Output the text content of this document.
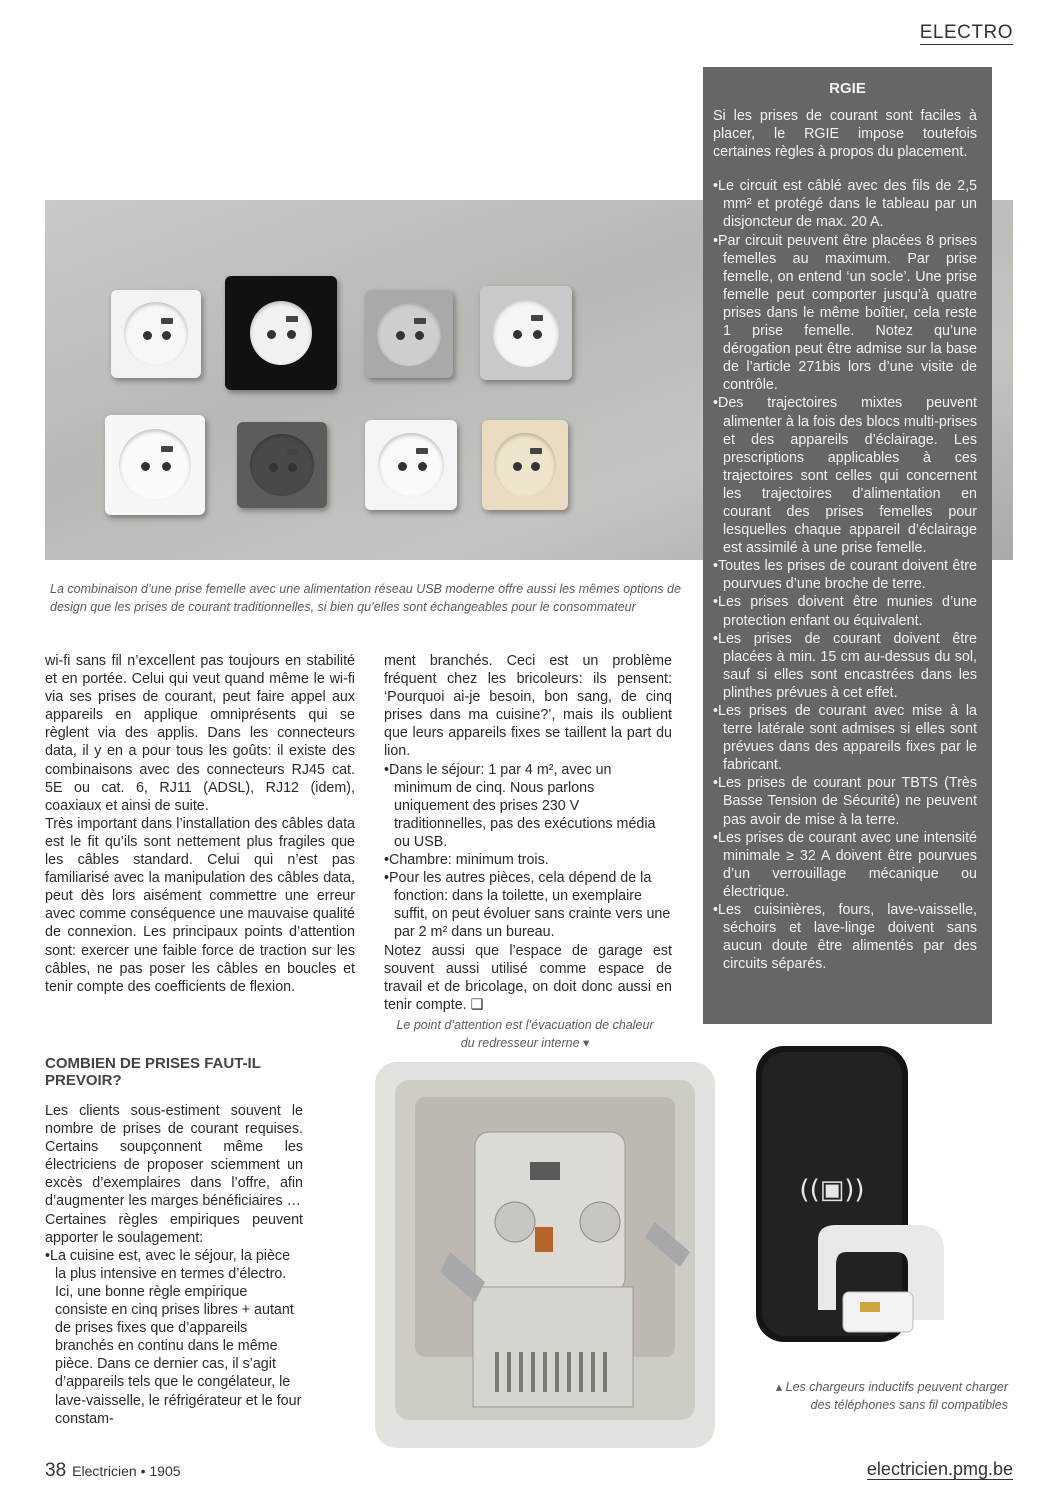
ELECTRO
La combinaison d’une prise femelle avec une alimentation réseau USB moderne offre aussi les mêmes options de design que les prises de courant traditionnelles, si bien qu’elles sont échangeables pour le consommateur

wi-fi sans fil n’excellent pas toujours en stabilité et en portée. Celui qui veut quand même le wi-fi via ses prises de courant, peut faire appel aux appareils en applique omniprésents qui se règlent via des applis. Dans les connecteurs data, il y en a pour tous les goûts: il existe des combinaisons avec des connecteurs RJ45 cat. 5E ou cat. 6, RJ11 (ADSL), RJ12 (idem), coaxiaux et ainsi de suite.

Très important dans l’installation des câbles data est le fit qu’ils sont nettement plus fragiles que les câbles standard. Celui qui n’est pas familiarisé avec la manipulation des câbles data, peut dès lors aisément commettre une erreur avec comme conséquence une mauvaise qualité de connexion. Les principaux points d’attention sont: exercer une faible force de traction sur les câbles, ne pas poser les câbles en boucles et tenir compte des coefficients de flexion.

COMBIEN DE PRISES FAUT-IL PREVOIR?

Les clients sous-estiment souvent le nombre de prises de courant requises. Certains soupçonnent même les électriciens de proposer sciemment un excès d’exemplaires dans l’offre, afin d’augmenter les marges bénéficiaires …

Certaines règles empiriques peuvent apporter le soulagement:

•La cuisine est, avec le séjour, la pièce la plus intensive en termes d’électro. Ici, une bonne règle empirique consiste en cinq prises libres + autant de prises fixes que d’appareils branchés en continu dans le même pièce. Dans ce dernier cas, il s’agit d’appareils tels que le congélateur, le lave-vaisselle, le réfrigérateur et le four constam-

ment branchés. Ceci est un problème fréquent chez les bricoleurs: ils pensent: ‘Pourquoi ai-je besoin, bon sang, de cinq prises dans ma cuisine?’, mais ils oublient que leurs appareils fixes se taillent la part du lion.

•Dans le séjour: 1 par 4 m², avec un minimum de cinq. Nous parlons uniquement des prises 230 V traditionnelles, pas des exécutions média ou USB.

•Chambre: minimum trois.

•Pour les autres pièces, cela dépend de la fonction: dans la toilette, un exemplaire suffit, on peut évoluer sans crainte vers une par 2 m² dans un bureau.

Notez aussi que l’espace de garage est souvent aussi utilisé comme espace de travail et de bricolage, on doit donc aussi en tenir compte. ❑

RGIE

Si les prises de courant sont faciles à placer, le RGIE impose toutefois certaines règles à propos du placement.

•Le circuit est câblé avec des fils de 2,5 mm² et protégé dans le tableau par un disjoncteur de max. 20 A.
•Par circuit peuvent être placées 8 prises femelles au maximum. Par prise femelle, on entend ‘un socle’. Une prise femelle peut comporter jusqu’à quatre prises dans le même boîtier, cela reste 1 prise femelle. Notez qu’une dérogation peut être admise sur la base de l’article 271bis lors d’une visite de contrôle.
•Des trajectoires mixtes peuvent alimenter à la fois des blocs multi-prises et des appareils d’éclairage. Les prescriptions applicables à ces trajectoires sont celles qui concernent les trajectoires d’alimentation en courant des prises femelles pour lesquelles chaque appareil d’éclairage est assimilé à une prise femelle.
•Toutes les prises de courant doivent être pourvues d’une broche de terre.
•Les prises doivent être munies d’une protection enfant ou équivalent.
•Les prises de courant doivent être placées à min. 15 cm au-dessus du sol, sauf si elles sont encastrées dans les plinthes prévues à cet effet.
•Les prises de courant avec mise à la terre latérale sont admises si elles sont prévues dans des appareils fixes par le fabricant.
•Les prises de courant pour TBTS (Très Basse Tension de Sécurité) ne peuvent pas avoir de mise à la terre.
•Les prises de courant avec une intensité minimale ≥ 32 A doivent être pourvues d’un verrouillage mécanique ou électrique.
•Les cuisinières, fours, lave-vaisselle, séchoirs et lave-linge doivent sans aucun doute être alimentés par des circuits séparés.
Le point d’attention est l’évacuation de chaleur du redresseur interne ▾
((▣))
▴ Les chargeurs inductifs peuvent charger des téléphones sans fil compatibles
38 Electricien • 1905	electricien.pmg.be
